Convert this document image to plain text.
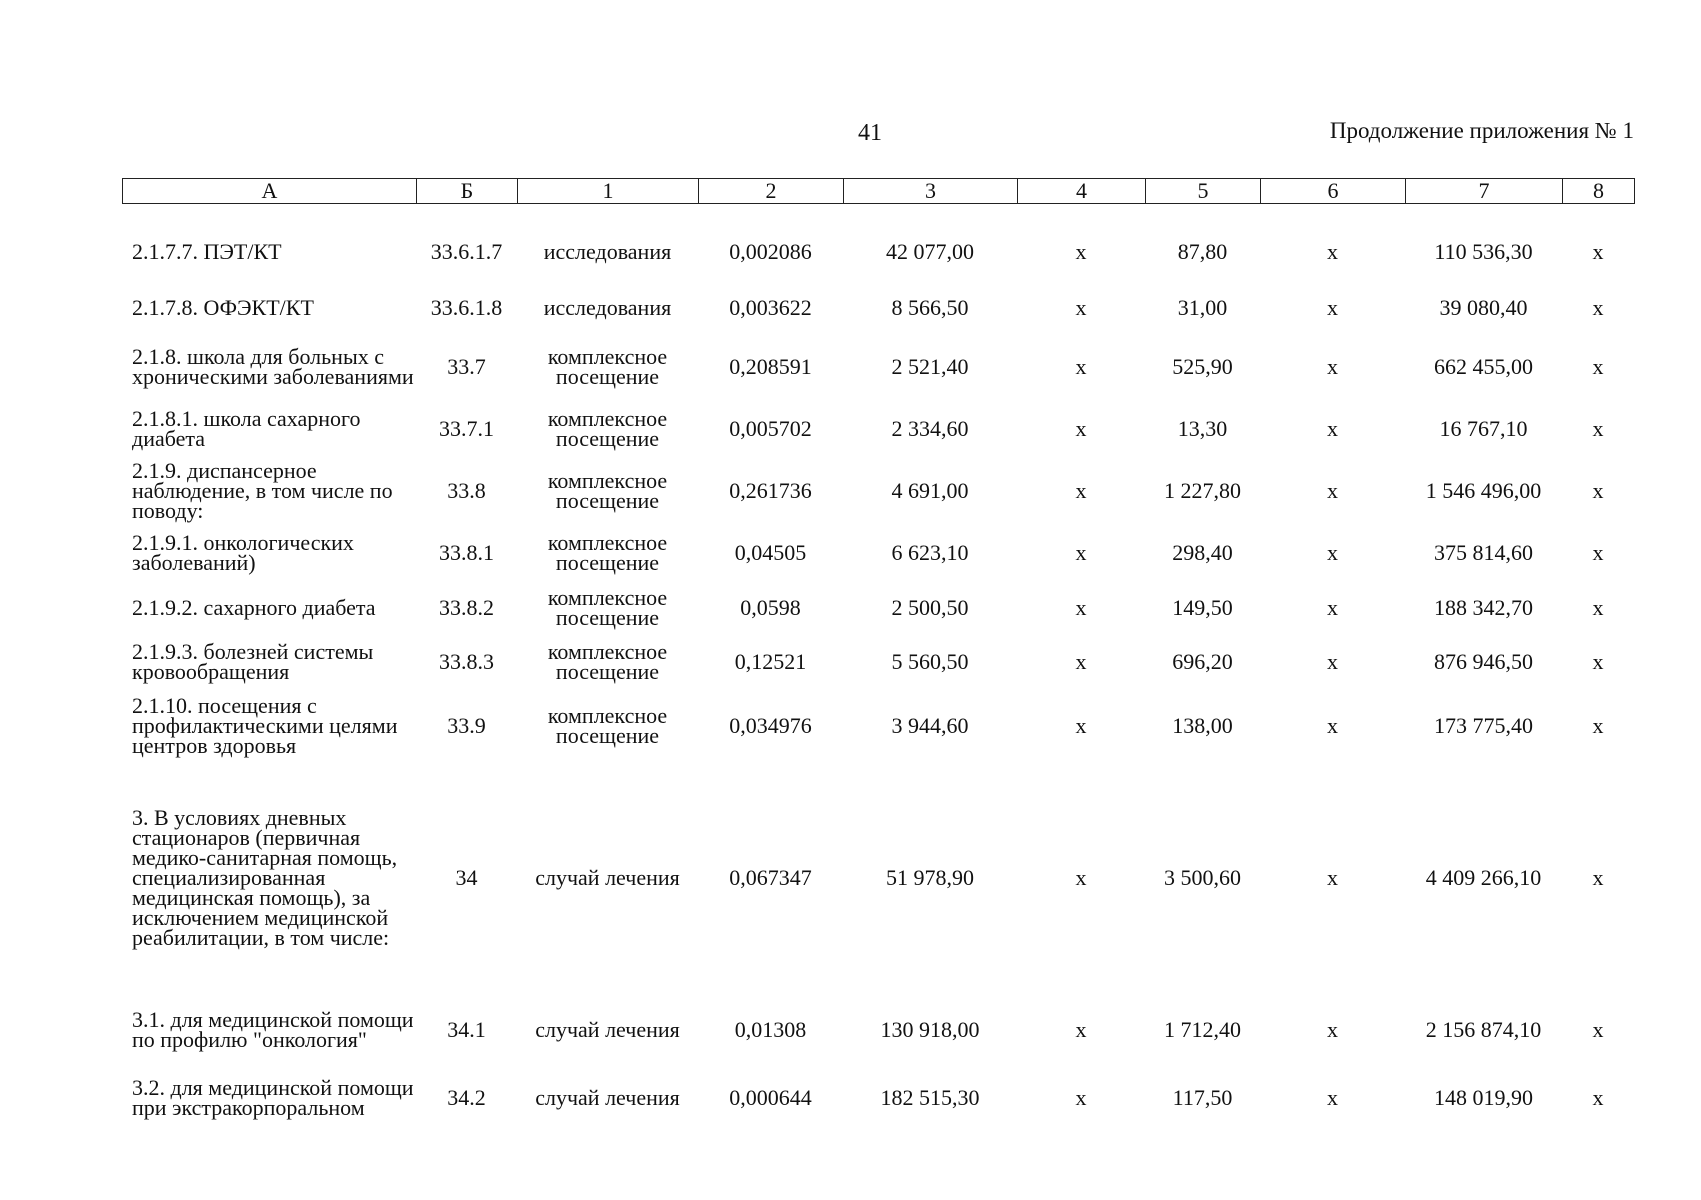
41	Продолжение приложения № 1
А	Б	1	2	3	4	5	6	7	8
2.1.7.7. ПЭТ/КТ	33.6.1.7	исследования	0,002086	42 077,00	х	87,80	х	110 536,30	х
2.1.7.8. ОФЭКТ/КТ	33.6.1.8	исследования	0,003622	8 566,50	х	31,00	х	39 080,40	х
2.1.8. школа для больных с хроническими заболеваниями	33.7	комплексное посещение	0,208591	2 521,40	х	525,90	х	662 455,00	х
2.1.8.1. школа сахарного диабета	33.7.1	комплексное посещение	0,005702	2 334,60	х	13,30	х	16 767,10	х
2.1.9. диспансерное наблюдение, в том числе по поводу:	33.8	комплексное посещение	0,261736	4 691,00	х	1 227,80	х	1 546 496,00	х
2.1.9.1. онкологических заболеваний)	33.8.1	комплексное посещение	0,04505	6 623,10	х	298,40	х	375 814,60	х
2.1.9.2. сахарного диабета	33.8.2	комплексное посещение	0,0598	2 500,50	х	149,50	х	188 342,70	х
2.1.9.3. болезней системы кровообращения	33.8.3	комплексное посещение	0,12521	5 560,50	х	696,20	х	876 946,50	х
2.1.10. посещения с профилактическими целями центров здоровья	33.9	комплексное посещение	0,034976	3 944,60	х	138,00	х	173 775,40	х
3. В условиях дневных стационаров (первичная медико-санитарная помощь, специализированная медицинская помощь), за исключением медицинской реабилитации, в том числе:	34	случай лечения	0,067347	51 978,90	х	3 500,60	х	4 409 266,10	х
3.1. для медицинской помощи по профилю "онкология"	34.1	случай лечения	0,01308	130 918,00	х	1 712,40	х	2 156 874,10	х
3.2. для медицинской помощи при экстракорпоральном	34.2	случай лечения	0,000644	182 515,30	х	117,50	х	148 019,90	х
